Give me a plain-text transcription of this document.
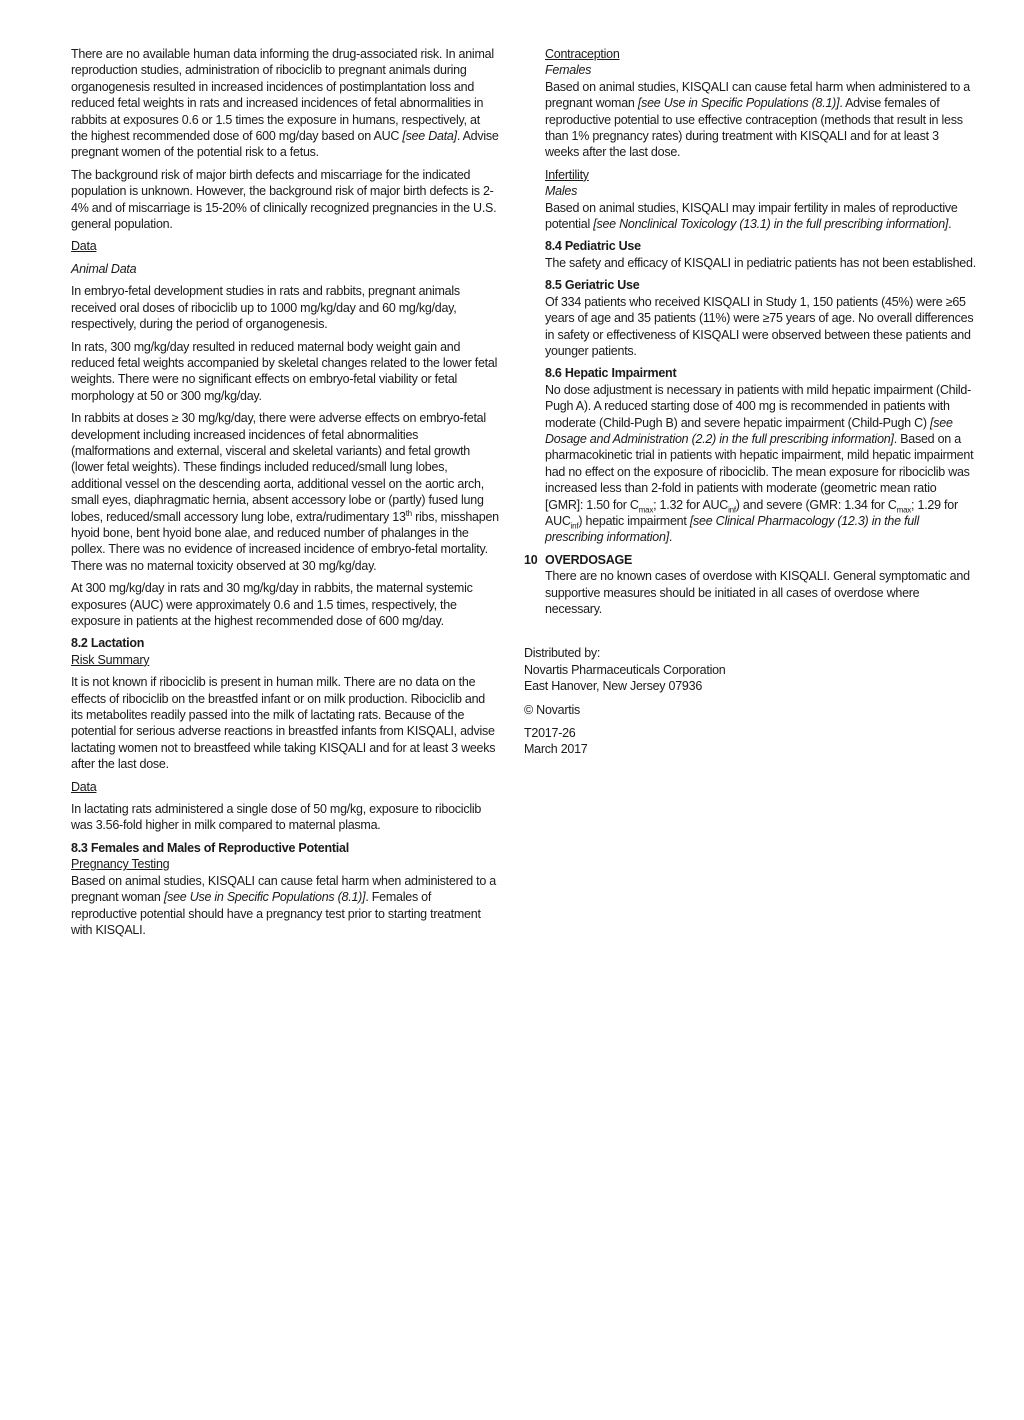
There are no available human data informing the drug-associated risk. In animal reproduction studies, administration of ribociclib to pregnant animals during organogenesis resulted in increased incidences of postimplantation loss and reduced fetal weights in rats and increased incidences of fetal abnormalities in rabbits at exposures 0.6 or 1.5 times the exposure in humans, respectively, at the highest recommended dose of 600 mg/day based on AUC [see Data]. Advise pregnant women of the potential risk to a fetus.

The background risk of major birth defects and miscarriage for the indicated population is unknown. However, the background risk of major birth defects is 2-4% and of miscarriage is 15-20% of clinically recognized pregnancies in the U.S. general population.

Data

Animal Data

In embryo-fetal development studies in rats and rabbits, pregnant animals received oral doses of ribociclib up to 1000 mg/kg/day and 60 mg/kg/day, respectively, during the period of organogenesis.

In rats, 300 mg/kg/day resulted in reduced maternal body weight gain and reduced fetal weights accompanied by skeletal changes related to the lower fetal weights. There were no significant effects on embryo-fetal viability or fetal morphology at 50 or 300 mg/kg/day.

In rabbits at doses ≥ 30 mg/kg/day, there were adverse effects on embryo-fetal development including increased incidences of fetal abnormalities (malformations and external, visceral and skeletal variants) and fetal growth (lower fetal weights). These findings included reduced/small lung lobes, additional vessel on the descending aorta, additional vessel on the aortic arch, small eyes, diaphragmatic hernia, absent accessory lobe or (partly) fused lung lobes, reduced/small accessory lung lobe, extra/rudimentary 13th ribs, misshapen hyoid bone, bent hyoid bone alae, and reduced number of phalanges in the pollex. There was no evidence of increased incidence of embryo-fetal mortality. There was no maternal toxicity observed at 30 mg/kg/day.

At 300 mg/kg/day in rats and 30 mg/kg/day in rabbits, the maternal systemic exposures (AUC) were approximately 0.6 and 1.5 times, respectively, the exposure in patients at the highest recommended dose of 600 mg/day.

8.2 Lactation

Risk Summary

It is not known if ribociclib is present in human milk. There are no data on the effects of ribociclib on the breastfed infant or on milk production. Ribociclib and its metabolites readily passed into the milk of lactating rats. Because of the potential for serious adverse reactions in breastfed infants from KISQALI, advise lactating women not to breastfeed while taking KISQALI and for at least 3 weeks after the last dose.

Data

In lactating rats administered a single dose of 50 mg/kg, exposure to ribociclib was 3.56-fold higher in milk compared to maternal plasma.

8.3 Females and Males of Reproductive Potential

Pregnancy Testing

Based on animal studies, KISQALI can cause fetal harm when administered to a pregnant woman [see Use in Specific Populations (8.1)]. Females of reproductive potential should have a pregnancy test prior to starting treatment with KISQALI.

Contraception

Females

Based on animal studies, KISQALI can cause fetal harm when administered to a pregnant woman [see Use in Specific Populations (8.1)]. Advise females of reproductive potential to use effective contraception (methods that result in less than 1% pregnancy rates) during treatment with KISQALI and for at least 3 weeks after the last dose.

Infertility

Males

Based on animal studies, KISQALI may impair fertility in males of reproductive potential [see Nonclinical Toxicology (13.1) in the full prescribing information].

8.4 Pediatric Use

The safety and efficacy of KISQALI in pediatric patients has not been established.

8.5 Geriatric Use

Of 334 patients who received KISQALI in Study 1, 150 patients (45%) were ≥65 years of age and 35 patients (11%) were ≥75 years of age. No overall differences in safety or effectiveness of KISQALI were observed between these patients and younger patients.

8.6 Hepatic Impairment

No dose adjustment is necessary in patients with mild hepatic impairment (Child-Pugh A). A reduced starting dose of 400 mg is recommended in patients with moderate (Child-Pugh B) and severe hepatic impairment (Child-Pugh C) [see Dosage and Administration (2.2) in the full prescribing information]. Based on a pharmacokinetic trial in patients with hepatic impairment, mild hepatic impairment had no effect on the exposure of ribociclib. The mean exposure for ribociclib was increased less than 2-fold in patients with moderate (geometric mean ratio [GMR]: 1.50 for $C_{max}$; 1.32 for $AUC_{inf}$) and severe (GMR: 1.34 for $C_{max}$; 1.29 for $AUC_{inf}$) hepatic impairment [see Clinical Pharmacology (12.3) in the full prescribing information].

10 OVERDOSAGE

There are no known cases of overdose with KISQALI. General symptomatic and supportive measures should be initiated in all cases of overdose where necessary.

Distributed by:

Novartis Pharmaceuticals Corporation

East Hanover, New Jersey 07936

© Novartis

T2017-26

March 2017
